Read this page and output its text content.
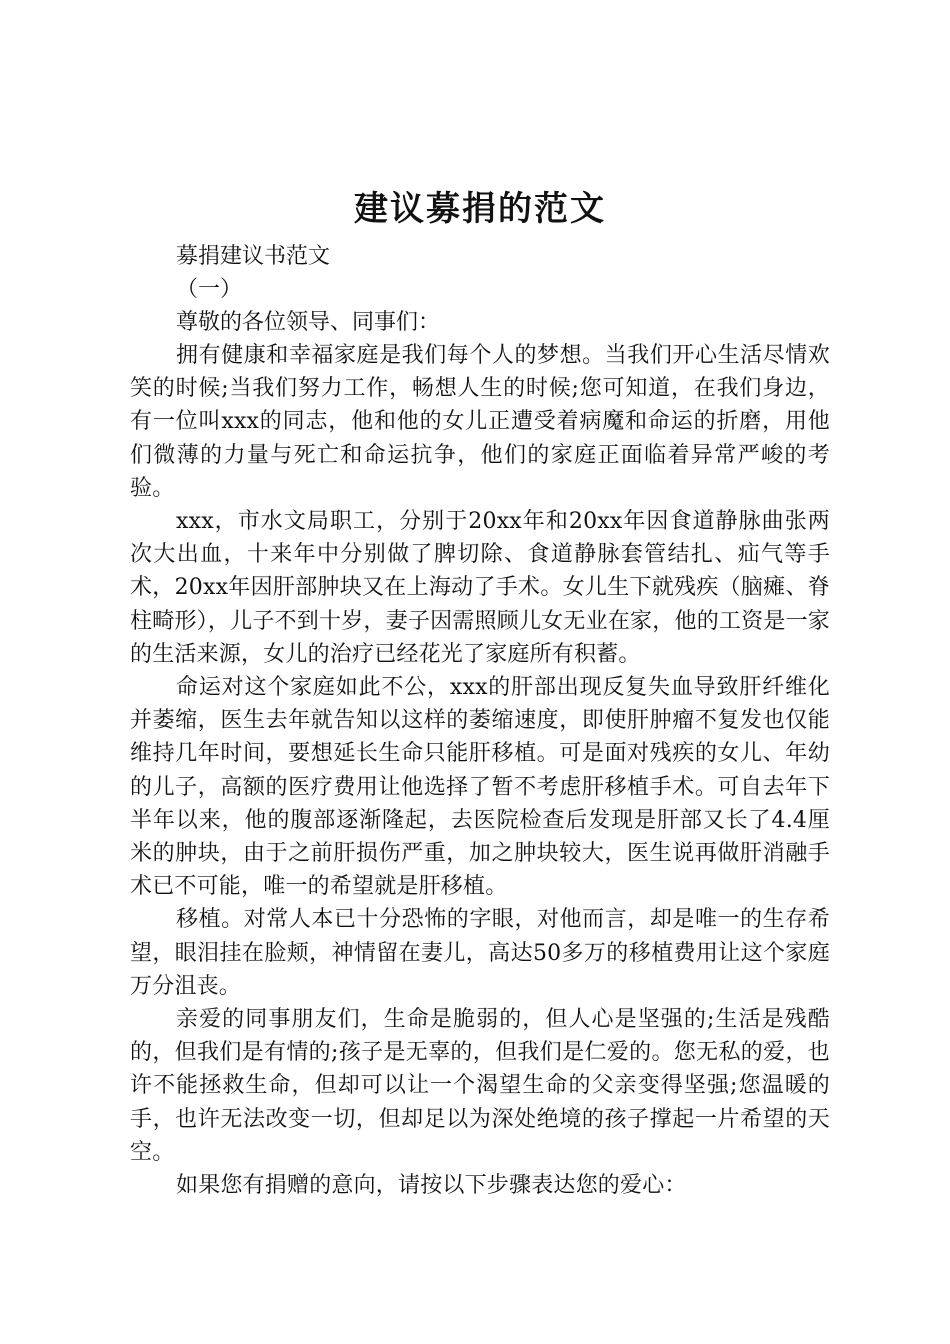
建议募捐的范文

募捐建议书范文

（一）

尊敬的各位领导、同事们：

拥有健康和幸福家庭是我们每个人的梦想。当我们开心生活尽情欢笑的时候;当我们努力工作，畅想人生的时候;您可知道，在我们身边，有一位叫xxx的同志，他和他的女儿正遭受着病魔和命运的折磨，用他们微薄的力量与死亡和命运抗争，他们的家庭正面临着异常严峻的考验。

xxx，市水文局职工，分别于20xx年和20xx年因食道静脉曲张两次大出血，十来年中分别做了脾切除、食道静脉套管结扎、疝气等手术，20xx年因肝部肿块又在上海动了手术。女儿生下就残疾（脑瘫、脊柱畸形），儿子不到十岁，妻子因需照顾儿女无业在家，他的工资是一家的生活来源，女儿的治疗已经花光了家庭所有积蓄。

命运对这个家庭如此不公，xxx的肝部出现反复失血导致肝纤维化并萎缩，医生去年就告知以这样的萎缩速度，即使肝肿瘤不复发也仅能维持几年时间，要想延长生命只能肝移植。可是面对残疾的女儿、年幼的儿子，高额的医疗费用让他选择了暂不考虑肝移植手术。可自去年下半年以来，他的腹部逐渐隆起，去医院检查后发现是肝部又长了4.4厘米的肿块，由于之前肝损伤严重，加之肿块较大，医生说再做肝消融手术已不可能，唯一的希望就是肝移植。

移植。对常人本已十分恐怖的字眼，对他而言，却是唯一的生存希望，眼泪挂在脸颊，神情留在妻儿，高达50多万的移植费用让这个家庭万分沮丧。

亲爱的同事朋友们，生命是脆弱的，但人心是坚强的;生活是残酷的，但我们是有情的;孩子是无辜的，但我们是仁爱的。您无私的爱，也许不能拯救生命，但却可以让一个渴望生命的父亲变得坚强;您温暖的手，也许无法改变一切，但却足以为深处绝境的孩子撑起一片希望的天空。

如果您有捐赠的意向，请按以下步骤表达您的爱心：
